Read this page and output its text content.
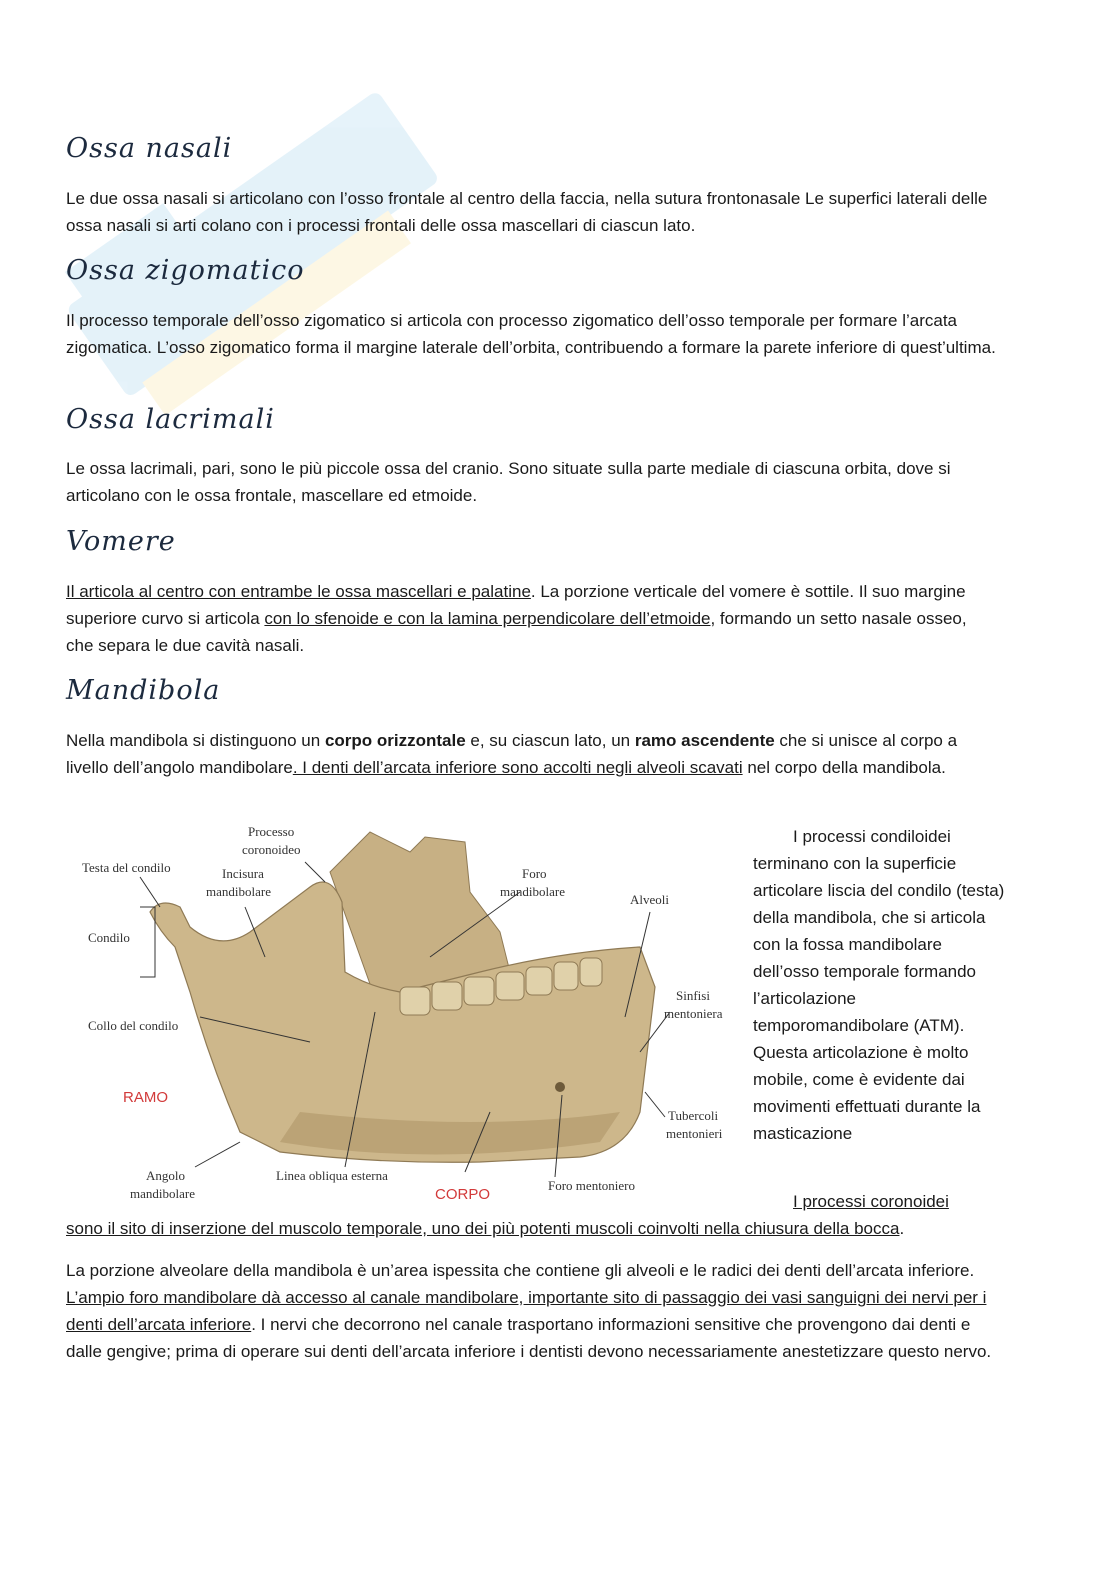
Ossa nasali

Le due ossa nasali si articolano con l’osso frontale al centro della faccia, nella sutura frontonasale Le superfici laterali delle ossa nasali si arti colano con i processi frontali delle ossa mascellari di ciascun lato.

Ossa zigomatico

Il processo temporale dell’osso zigomatico si articola con processo zigomatico dell’osso temporale per formare l’arcata zigomatica. L’osso zigomatico forma il margine laterale dell’orbita, contribuendo a formare la parete inferiore di quest’ultima.

Ossa lacrimali

Le ossa lacrimali, pari, sono le più piccole ossa del cranio. Sono situate sulla parte mediale di ciascuna orbita, dove si articolano con le ossa frontale, mascellare ed etmoide.

Vomere

Il articola al centro con entrambe le ossa mascellari e palatine. La porzione verticale del vomere è sottile. Il suo margine superiore curvo si articola con lo sfenoide e con la lamina perpendicolare dell’etmoide, formando un setto nasale osseo, che separa le due cavità nasali.

Mandibola

Nella mandibola si distinguono un corpo orizzontale e, su ciascun lato, un ramo ascendente che si unisce al corpo a livello dell’angolo mandibolare. I denti dell’arcata inferiore sono accolti negli alveoli scavati nel corpo della mandibola.

I processi coronoidei
sono il sito di inserzione del muscolo temporale, uno dei più potenti muscoli coinvolti nella chiusura della bocca.

La porzione alveolare della mandibola è un’area ispessita che contiene gli alveoli e le radici dei denti dell’arcata inferiore. L’ampio foro mandibolare dà accesso al canale mandibolare, importante sito di passaggio dei vasi sanguigni dei nervi per i denti dell’arcata inferiore. I nervi che decorrono nel canale trasportano informazioni sensitive che provengono dai denti e dalle gengive; prima di operare sui denti dell’arcata inferiore i dentisti devono necessariamente anestetizzare questo nervo.

Testa del condilo
Processo
coronoideo
Incisura
mandibolare
Foro
mandibolare
Alveoli
Condilo
Sinfisi
mentoniera
Collo del condilo
RAMO
Tubercoli
mentonieri
Angolo
mandibolare
Linea obliqua esterna
CORPO
Foro mentoniero

I processi condiloidei terminano con la superficie articolare liscia del condilo (testa) della mandibola, che si articola con la fossa mandibolare dell’osso temporale formando l’articolazione temporomandibolare (ATM). Questa articolazione è molto mobile, come è evidente dai movimenti effettuati durante la masticazione
